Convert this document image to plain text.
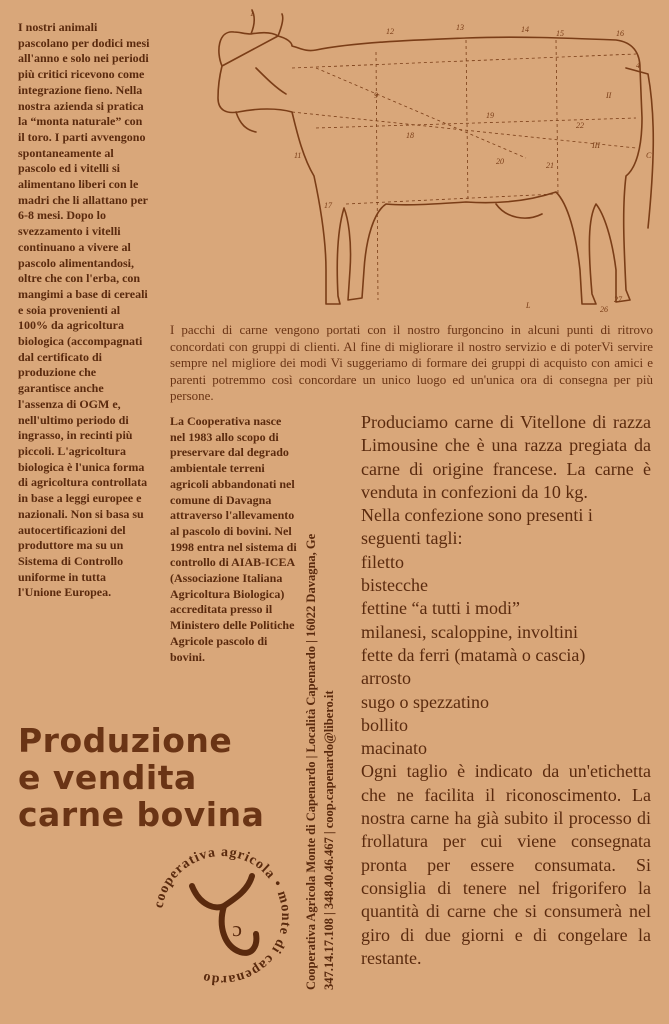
I nostri animali pascolano per dodici mesi all'anno e solo nei periodi più critici ricevono come integrazione fieno. Nella nostra azienda si pratica la “monta naturale” con il toro. I parti avvengono spontaneamente al pascolo ed i vitelli si alimentano liberi con le madri che li allattano per 6-8 mesi. Dopo lo svezzamento i vitelli continuano a vivere al pascolo alimentandosi, oltre che con l'erba, con mangimi a base di cereali e soia provenienti al 100% da agricoltura biologica (accompagnati dal certificato di produzione che garantisce anche l'assenza di OGM e, nell'ultimo periodo di ingrasso, in recinti più piccoli. L'agricoltura biologica è l'unica forma di agricoltura controllata in base a leggi europee e nazionali. Non si basa su autocertificazioni del produttore ma su un Sistema di Controllo uniforme in tutta l'Unione Europea.
1
12	13	14	15	16
11
17
18
9
20	21
III
II
C
L	26
27
4
19
22
I pacchi di carne vengono portati con il nostro furgoncino in alcuni punti di ritrovo concordati con gruppi di clienti. Al fine di migliorare il nostro servizio e di poterVi servire sempre nel migliore dei modi Vi suggeriamo di formare dei gruppi di acquisto con amici e parenti potremmo così concordare un unico luogo ed un'unica ora di consegna per più persone.
La Cooperativa nasce nel 1983 allo scopo di preservare dal degrado ambientale terreni agricoli abbandonati nel comune di Davagna attraverso l'allevamento al pascolo di bovini. Nel 1998 entra nel sistema di controllo di AIAB-ICEA (Associazione Italiana Agricoltura Biologica) accreditata presso il Ministero delle Politiche Agricole pascolo di bovini.	Cooperativa Agricola Monte di Capenardo | Località Capenardo | 16022 Davagna, Ge 347.14.17.108 | 348.40.46.467 | coop.capenardo@libero.it
Produciamo carne di Vitellone di razza Limousine che è una razza pregiata da carne di origine francese. La carne è venduta in confezioni da 10 kg.
Nella confezione sono presenti i seguenti tagli:
filetto
bistecche
fettine “a tutti i modi”
milanesi, scaloppine, involtini
fette da ferri (matamà o cascia)
arrosto
sugo o spezzatino
bollito
macinato
Ogni taglio è indicato da un'etichetta che ne facilita il riconoscimento. La nostra carne ha già subito il processo di frollatura per cui viene consegnata pronta per essere consumata. Si consiglia di tenere nel frigorifero la quantità di carne che si consumerà nel giro di due giorni e di congelare la restante.
Produzione
e vendita
carne bovina
cooperativa agricola • monte di capenardo
c
